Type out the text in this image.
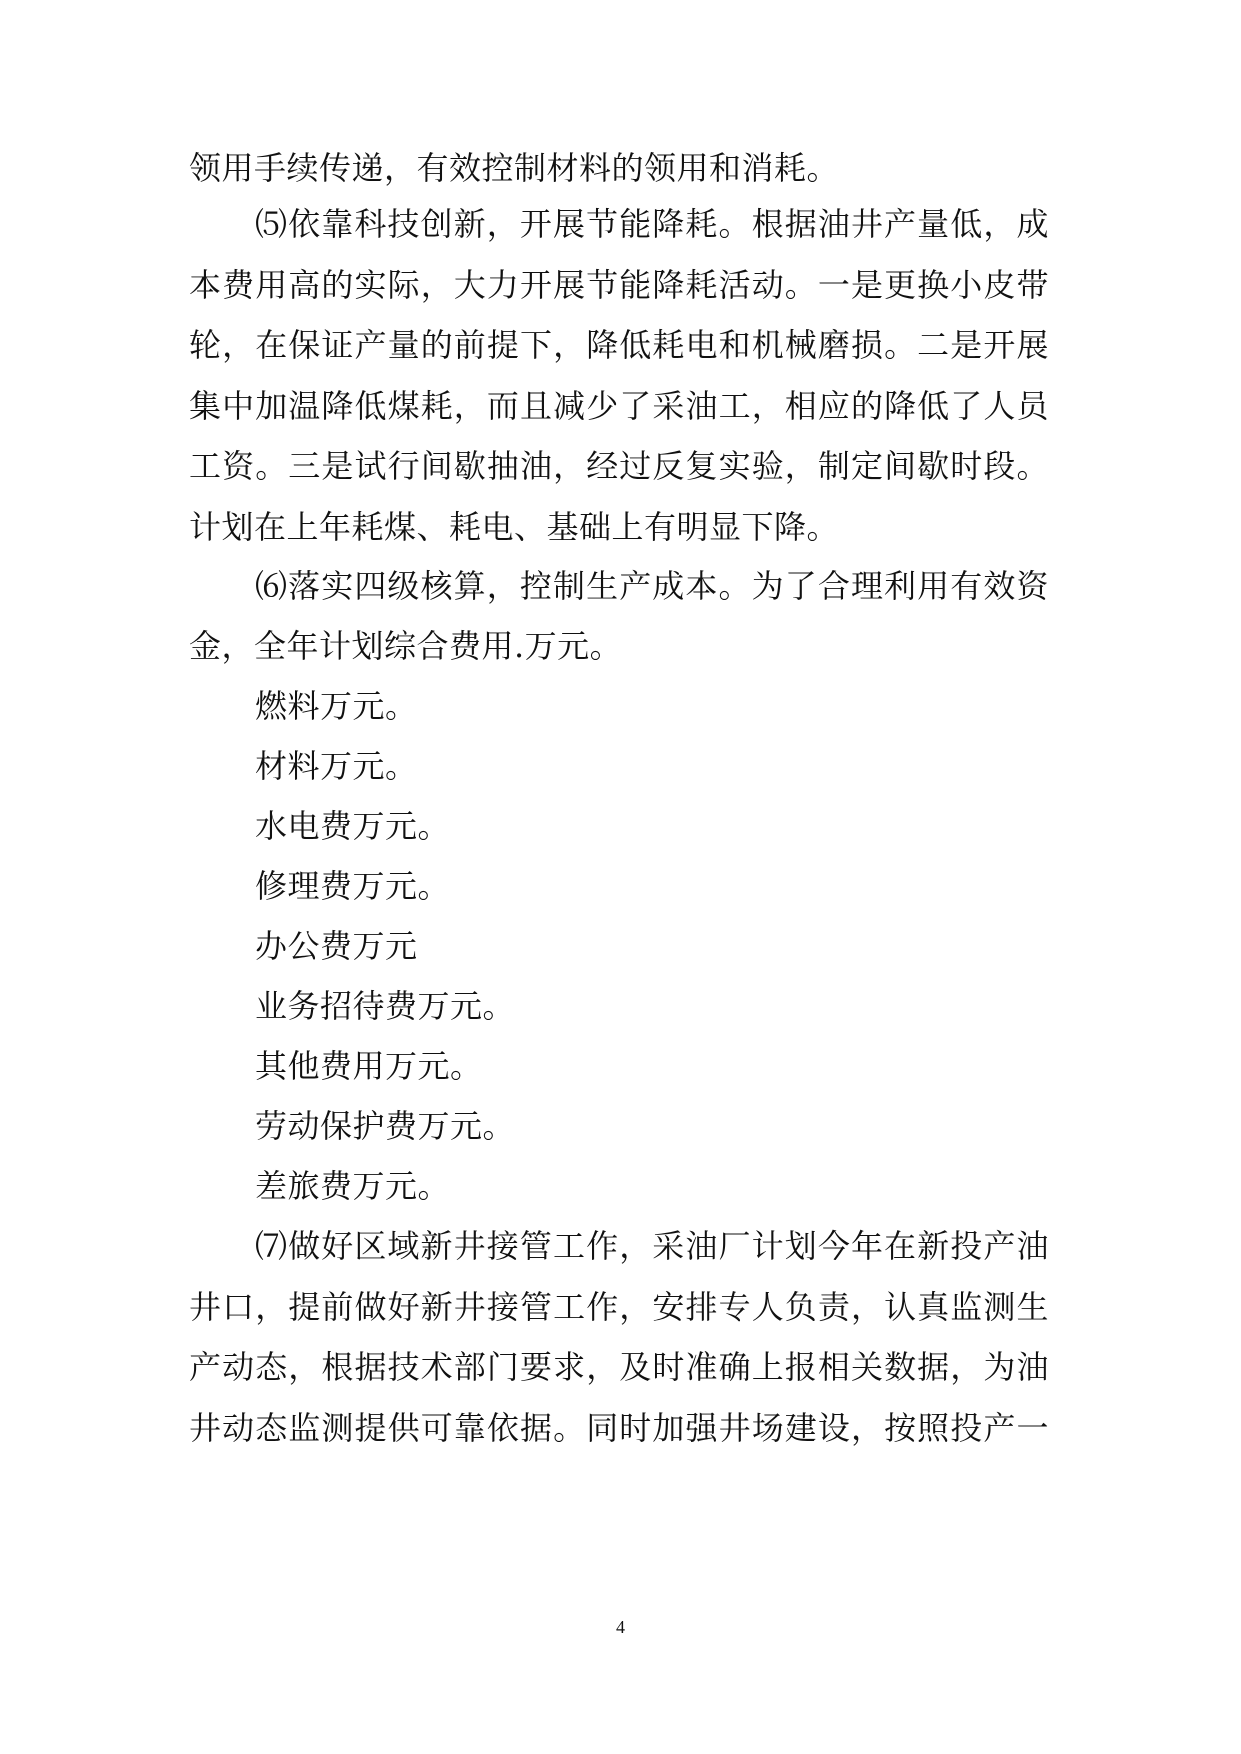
领用手续传递，有效控制材料的领用和消耗。
⑸依靠科技创新，开展节能降耗。根据油井产量低，成
本费用高的实际，大力开展节能降耗活动。一是更换小皮带
轮，在保证产量的前提下，降低耗电和机械磨损。二是开展
集中加温降低煤耗，而且减少了采油工，相应的降低了人员
工资。三是试行间歇抽油，经过反复实验，制定间歇时段。
计划在上年耗煤、耗电、基础上有明显下降。
⑹落实四级核算，控制生产成本。为了合理利用有效资
金，全年计划综合费用.万元。
燃料万元。
材料万元。
水电费万元。
修理费万元。
办公费万元
业务招待费万元。
其他费用万元。
劳动保护费万元。
差旅费万元。
⑺做好区域新井接管工作，采油厂计划今年在新投产油
井口，提前做好新井接管工作，安排专人负责，认真监测生
产动态，根据技术部门要求，及时准确上报相关数据，为油
井动态监测提供可靠依据。同时加强井场建设，按照投产一
4
